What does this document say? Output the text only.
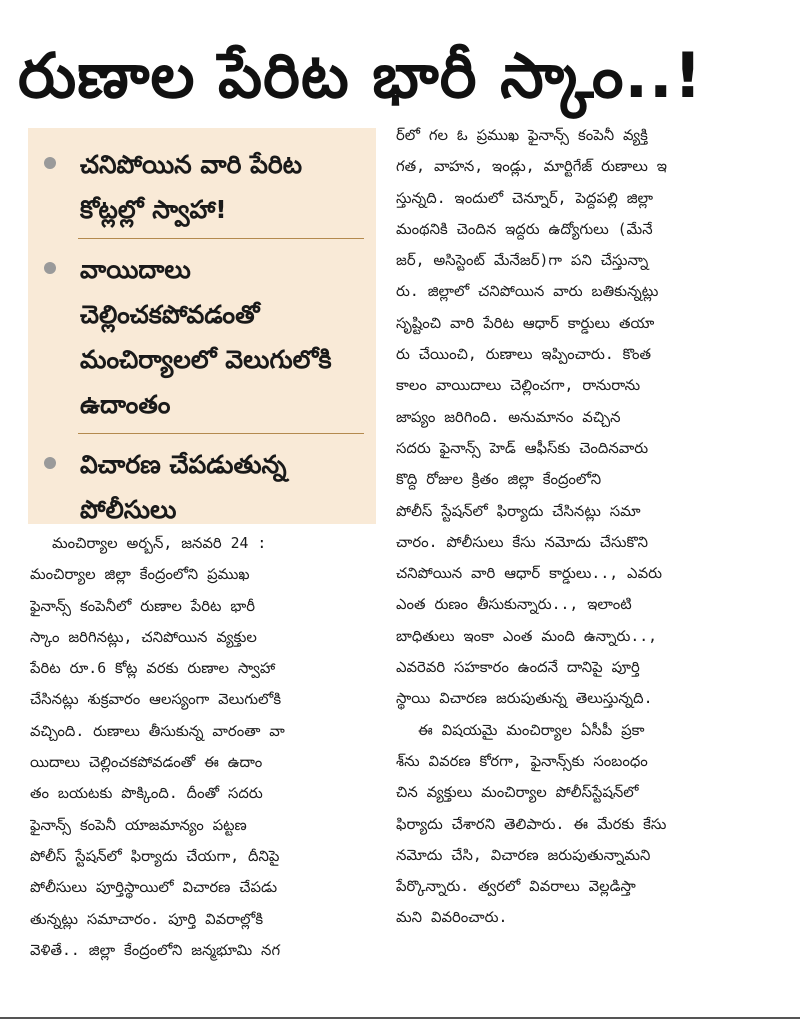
రుణాల పేరిట భారీ స్కాం..!
చనిపోయిన వారి పేరిట కోట్లల్లో స్వాహా!
వాయిదాలు చెల్లించకపోవడంతో మంచిర్యాలలో వెలుగులోకి ఉదాంతం
విచారణ చేపడుతున్న పోలీసులు
మంచిర్యాల అర్బన్, జనవరి 24 :
మంచిర్యాల జిల్లా కేంద్రంలోని ప్రముఖ
ఫైనాన్స్ కంపెనీలో రుణాల పేరిట భారీ
స్కాం జరిగినట్లు, చనిపోయిన వ్యక్తుల
పేరిట రూ.6 కోట్ల వరకు రుణాల స్వాహా
చేసినట్లు శుక్రవారం ఆలస్యంగా వెలుగులోకి
వచ్చింది. రుణాలు తీసుకున్న వారంతా వా
యిదాలు చెల్లించకపోవడంతో ఈ ఉదాం
తం బయటకు పొక్కింది. దీంతో సదరు
ఫైనాన్స్ కంపెనీ యాజమాన్యం పట్టణ
పోలీస్ స్టేషన్‌లో ఫిర్యాదు చేయగా, దీనిపై
పోలీసులు పూర్తిస్థాయిలో విచారణ చేపడు
తున్నట్లు సమాచారం. పూర్తి వివరాల్లోకి
వెళితే.. జిల్లా కేంద్రంలోని జన్మభూమి నగ
ర్‌లో గల ఓ ప్రముఖ ఫైనాన్స్ కంపెనీ వ్యక్తి
గత, వాహన, ఇండ్లు, మార్టిగేజ్ రుణాలు ఇ
స్తున్నది. ఇందులో చెన్నూర్, పెద్దపల్లి జిల్లా
మంథనికి చెందిన ఇద్దరు ఉద్యోగులు (మేనే
జర్, అసిస్టెంట్ మేనేజర్)గా పని చేస్తున్నా
రు. జిల్లాలో చనిపోయిన వారు బతికున్నట్లు
సృష్టించి వారి పేరిట ఆధార్ కార్డులు తయా
రు చేయించి, రుణాలు ఇప్పించారు. కొంత
కాలం వాయిదాలు చెల్లించగా, రానురాను
జాప్యం జరిగింది. అనుమానం వచ్చిన
సదరు ఫైనాన్స్ హెడ్ ఆఫీస్‌కు చెందినవారు
కొద్ది రోజుల క్రితం జిల్లా కేంద్రంలోని
పోలీస్ స్టేషన్‌లో ఫిర్యాదు చేసినట్లు సమా
చారం. పోలీసులు కేసు నమోదు చేసుకొని
చనిపోయిన వారి ఆధార్ కార్డులు.., ఎవరు
ఎంత రుణం తీసుకున్నారు.., ఇలాంటి
బాధితులు ఇంకా ఎంత మంది ఉన్నారు..,
ఎవరెవరి సహకారం ఉందనే దానిపై పూర్తి
స్థాయి విచారణ జరుపుతున్న తెలుస్తున్నది.
ఈ విషయమై మంచిర్యాల ఏసీపీ ప్రకా
శ్‌ను వివరణ కోరగా, ఫైనాన్స్‌కు సంబంధం
చిన వ్యక్తులు మంచిర్యాల పోలీస్‌స్టేషన్‌లో
ఫిర్యాదు చేశారని తెలిపారు. ఈ మేరకు కేసు
నమోదు చేసి, విచారణ జరుపుతున్నామని
పేర్కొన్నారు. త్వరలో వివరాలు వెల్లడిస్తా
మని వివరించారు.
